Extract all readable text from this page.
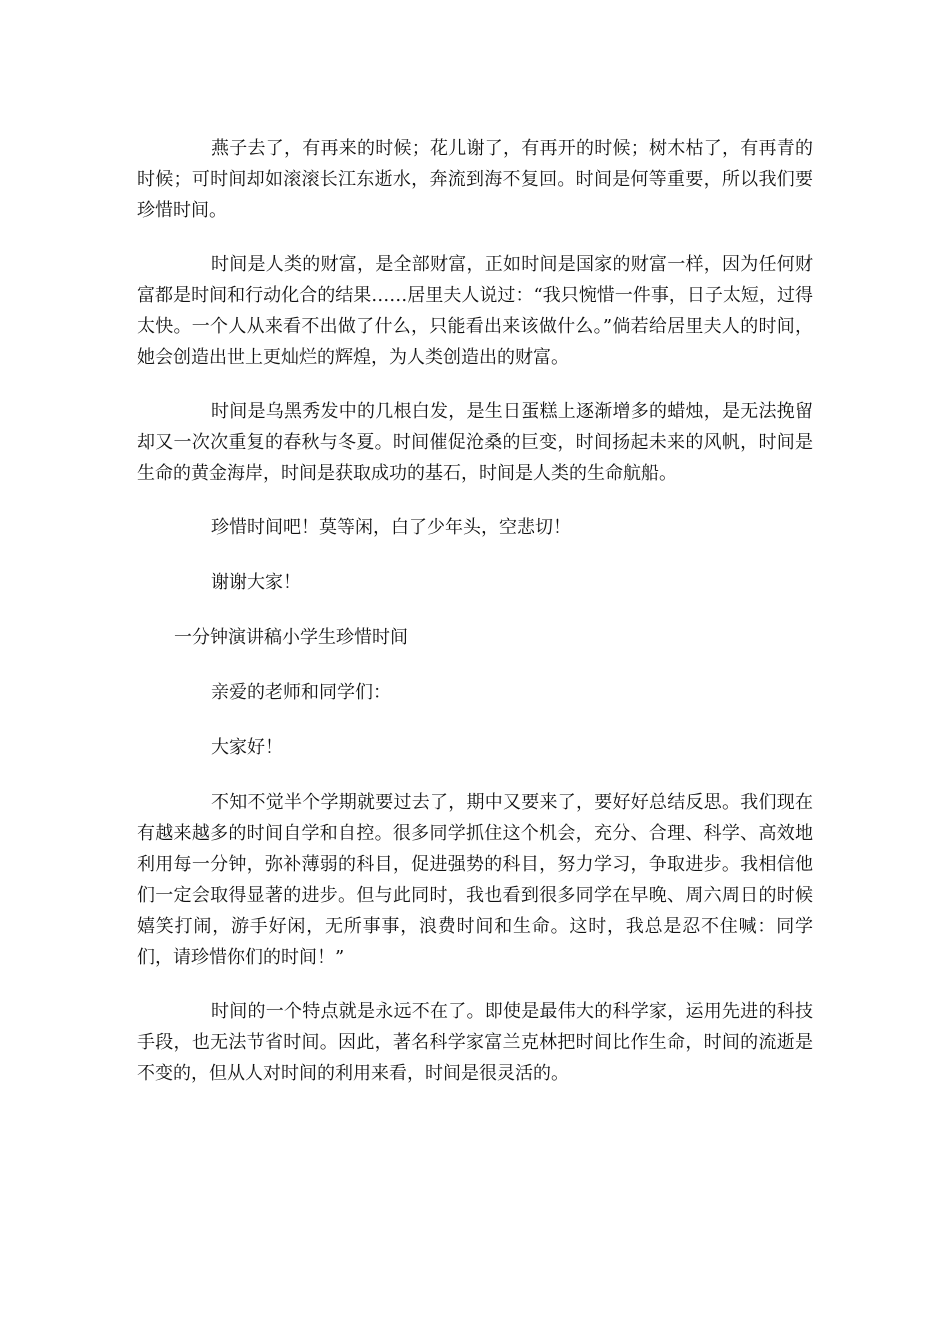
燕子去了，有再来的时候；花儿谢了，有再开的时候；树木枯了，有再青的时候；可时间却如滚滚长江东逝水，奔流到海不复回。时间是何等重要，所以我们要珍惜时间。

时间是人类的财富，是全部财富，正如时间是国家的财富一样，因为任何财富都是时间和行动化合的结果……居里夫人说过：“我只惋惜一件事，日子太短，过得太快。一个人从来看不出做了什么，只能看出来该做什么。”倘若给居里夫人的时间，她会创造出世上更灿烂的辉煌，为人类创造出的财富。

时间是乌黑秀发中的几根白发，是生日蛋糕上逐渐增多的蜡烛，是无法挽留却又一次次重复的春秋与冬夏。时间催促沧桑的巨变，时间扬起未来的风帆，时间是生命的黄金海岸，时间是获取成功的基石，时间是人类的生命航船。

珍惜时间吧！莫等闲，白了少年头，空悲切！

谢谢大家！

一分钟演讲稿小学生珍惜时间

亲爱的老师和同学们：

大家好！

不知不觉半个学期就要过去了，期中又要来了，要好好总结反思。我们现在有越来越多的时间自学和自控。很多同学抓住这个机会，充分、合理、科学、高效地利用每一分钟，弥补薄弱的科目，促进强势的科目，努力学习，争取进步。我相信他们一定会取得显著的进步。但与此同时，我也看到很多同学在早晚、周六周日的时候嬉笑打闹，游手好闲，无所事事，浪费时间和生命。这时，我总是忍不住喊：同学们，请珍惜你们的时间！”

时间的一个特点就是永远不在了。即使是最伟大的科学家，运用先进的科技手段，也无法节省时间。因此，著名科学家富兰克林把时间比作生命，时间的流逝是不变的，但从人对时间的利用来看，时间是很灵活的。
